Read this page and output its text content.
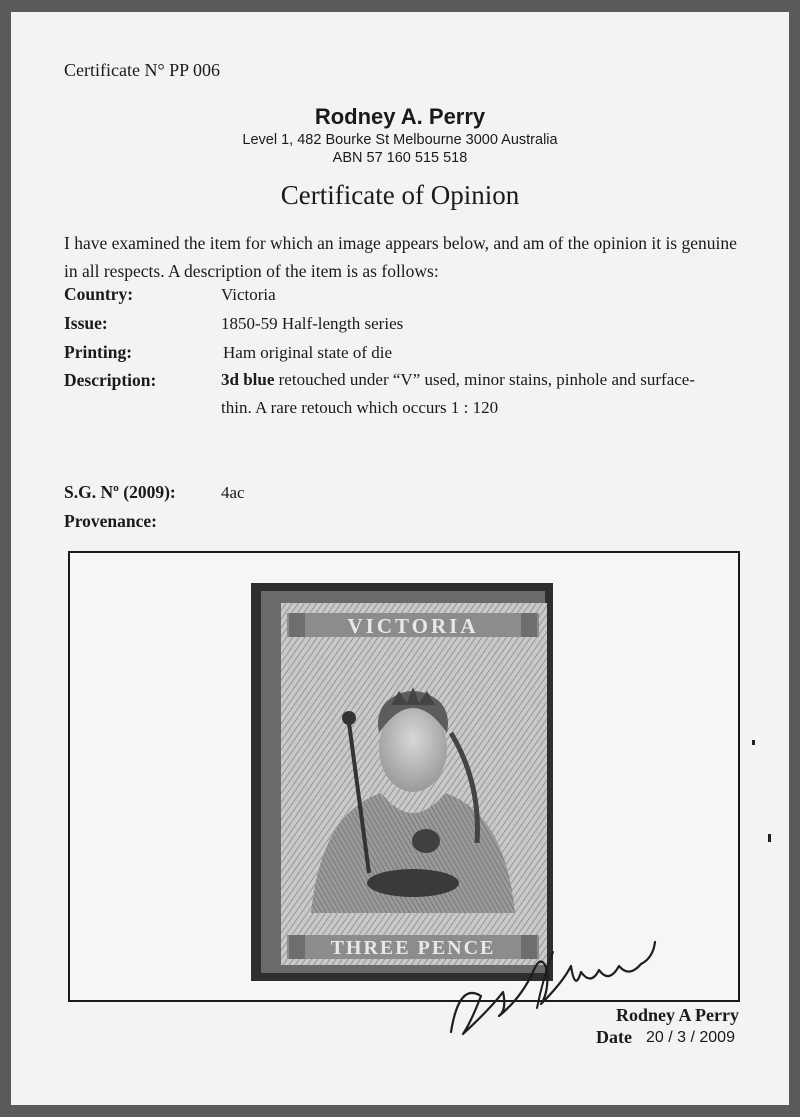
Certificate N° PP 006
Rodney A. Perry
Level 1, 482 Bourke St Melbourne 3000 Australia
ABN 57 160 515 518
Certificate of Opinion
I have examined the item for which an image appears below, and am of the opinion it is genuine in all respects. A description of the item is as follows:
Country:	Victoria
Issue:	1850-59 Half-length series
Printing:	Ham original state of die
Description:	3d blue retouched under “V” used, minor stains, pinhole and surface-
thin. A rare retouch which occurs 1 : 120
S.G. Nº (2009):	4ac
Provenance:
VICTORIA
THREE PENCE
Rodney A Perry
Date 20 / 3 / 2009
